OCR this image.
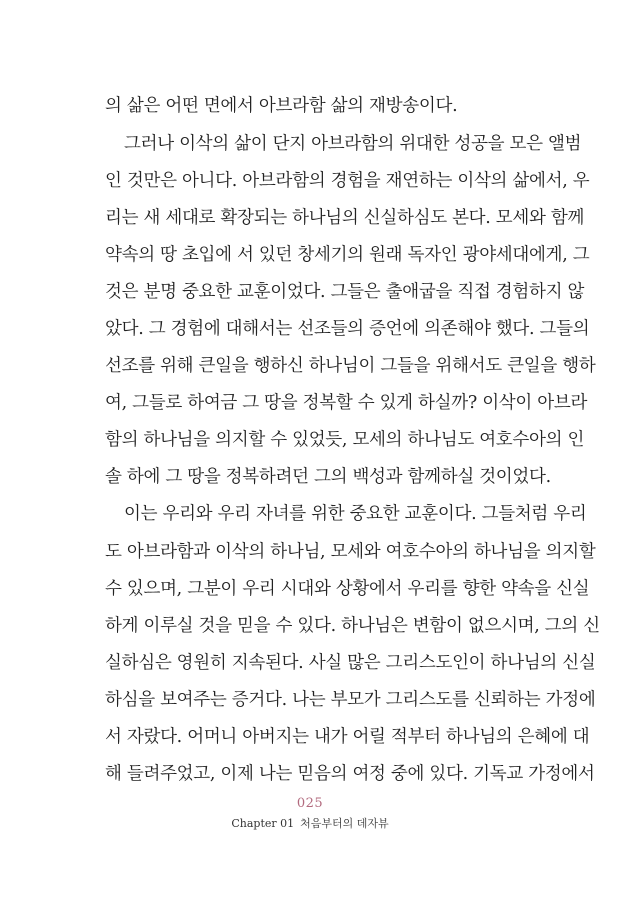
의 삶은 어떤 면에서 아브라함 삶의 재방송이다.
그러나 이삭의 삶이 단지 아브라함의 위대한 성공을 모은 앨범
인 것만은 아니다. 아브라함의 경험을 재연하는 이삭의 삶에서, 우
리는 새 세대로 확장되는 하나님의 신실하심도 본다. 모세와 함께
약속의 땅 초입에 서 있던 창세기의 원래 독자인 광야세대에게, 그
것은 분명 중요한 교훈이었다. 그들은 출애굽을 직접 경험하지 않
았다. 그 경험에 대해서는 선조들의 증언에 의존해야 했다. 그들의
선조를 위해 큰일을 행하신 하나님이 그들을 위해서도 큰일을 행하
여, 그들로 하여금 그 땅을 정복할 수 있게 하실까? 이삭이 아브라
함의 하나님을 의지할 수 있었듯, 모세의 하나님도 여호수아의 인
솔 하에 그 땅을 정복하려던 그의 백성과 함께하실 것이었다.
이는 우리와 우리 자녀를 위한 중요한 교훈이다. 그들처럼 우리
도 아브라함과 이삭의 하나님, 모세와 여호수아의 하나님을 의지할
수 있으며, 그분이 우리 시대와 상황에서 우리를 향한 약속을 신실
하게 이루실 것을 믿을 수 있다. 하나님은 변함이 없으시며, 그의 신
실하심은 영원히 지속된다. 사실 많은 그리스도인이 하나님의 신실
하심을 보여주는 증거다. 나는 부모가 그리스도를 신뢰하는 가정에
서 자랐다. 어머니 아버지는 내가 어릴 적부터 하나님의 은혜에 대
해 들려주었고, 이제 나는 믿음의 여정 중에 있다. 기독교 가정에서
025
Chapter 01 처음부터의 데자뷰
